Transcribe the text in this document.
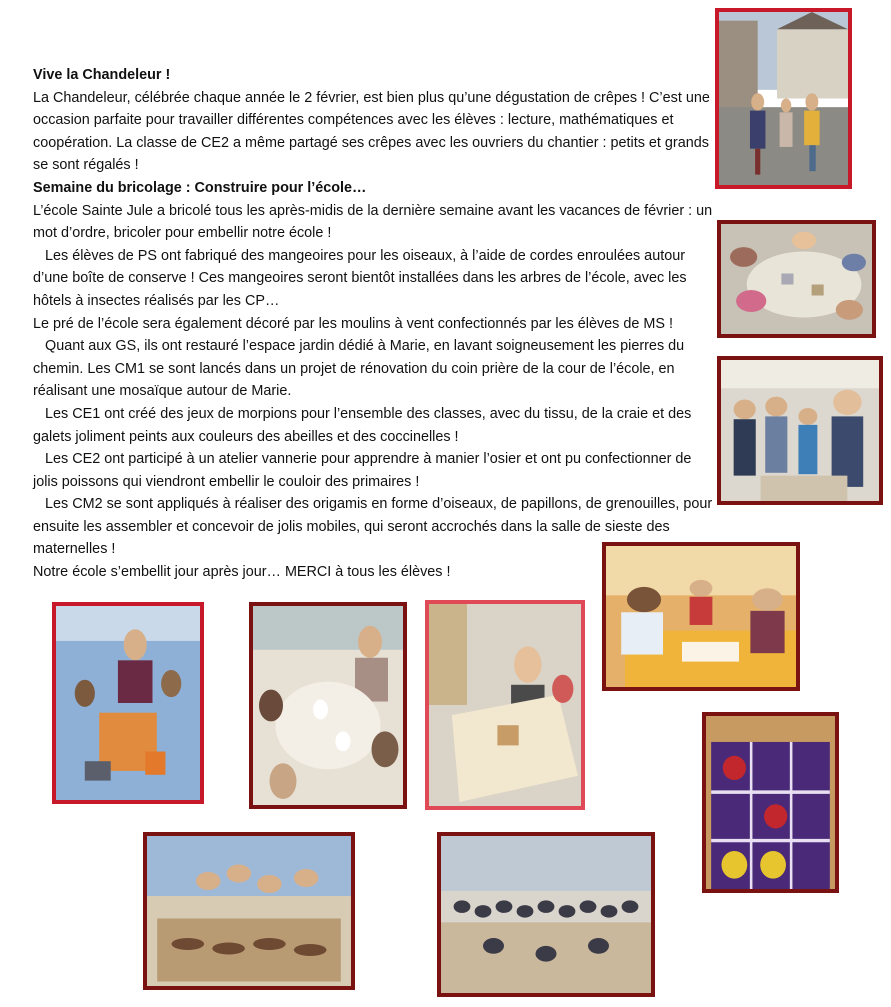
Vive la Chandeleur !

La Chandeleur, célébrée chaque année le 2 février, est bien plus qu’une dégustation de crêpes ! C’est une occasion parfaite pour travailler différentes compétences avec les élèves : lecture, mathématiques et coopération. La classe de CE2 a même partagé ses crêpes avec les ouvriers du chantier : petits et grands se sont régalés !

Semaine du bricolage : Construire pour l’école…

L’école Sainte Jule a bricolé tous les après-midis de la dernière semaine avant les vacances de février : un mot d’ordre, bricoler pour embellir notre école !

Les élèves de PS ont fabriqué des mangeoires pour les oiseaux, à l’aide de cordes enroulées autour d’une boîte de conserve ! Ces mangeoires seront bientôt installées dans les arbres de l’école, avec les hôtels à insectes réalisés par les CP…

Le pré de l’école sera également décoré par les moulins à vent confectionnés par les élèves de MS !

Quant aux GS, ils ont restauré l’espace jardin dédié à Marie, en lavant soigneusement les pierres du chemin. Les CM1 se sont lancés dans un projet de rénovation du coin prière de la cour de l’école, en réalisant une mosaïque autour de Marie.

Les CE1 ont créé des jeux de morpions pour l’ensemble des classes, avec du tissu, de la craie et des galets joliment peints aux couleurs des abeilles et des coccinelles !

Les CE2 ont participé à un atelier vannerie pour apprendre à manier l’osier et ont pu confectionner de jolis poissons qui viendront embellir le couloir des primaires !

Les CM2 se sont appliqués à réaliser des origamis en forme d’oiseaux, de papillons, de grenouilles, pour ensuite les assembler et concevoir de jolis mobiles, qui seront accrochés dans la salle de sieste des maternelles !

Notre école s’embellit jour après jour… MERCI à tous les élèves !
